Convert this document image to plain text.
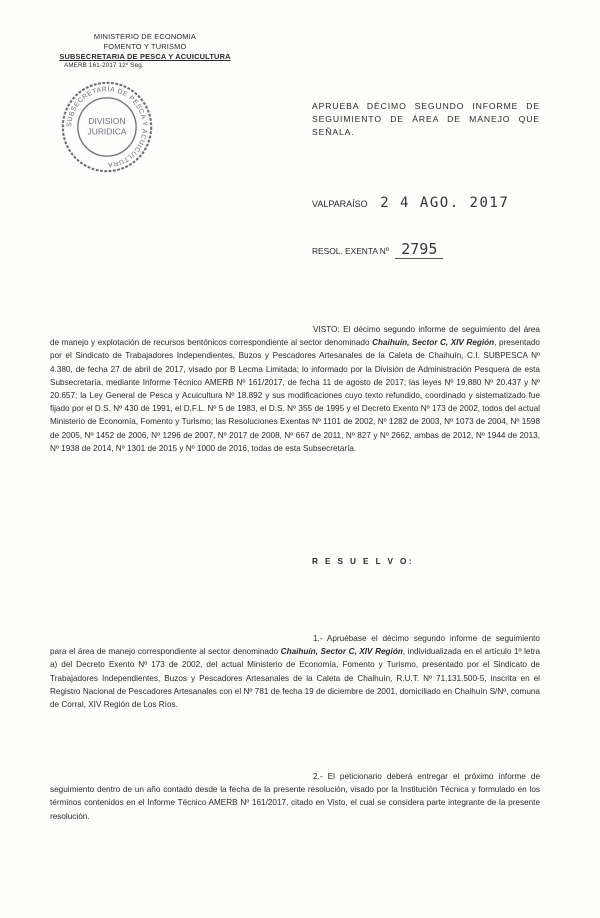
MINISTERIO DE ECONOMIA
FOMENTO Y TURISMO
SUBSECRETARIA DE PESCA Y ACUICULTURA
AMERB 161-2017 12º Seg.
SUBSECRETARÍA DE PESCA Y ACUICULTURA
DIVISION
JURIDICA
APRUEBA DÉCIMO SEGUNDO INFORME DE SEGUIMIENTO DE ÁREA DE MANEJO QUE SEÑALA.
VALPARAÍSO 2 4 AGO. 2017
RESOL. EXENTA Nº 2795
VISTO: El décimo segundo informe de seguimiento del área de manejo y explotación de recursos bentónicos correspondiente al sector denominado Chaihuín, Sector C, XIV Región, presentado por el Sindicato de Trabajadores Independientes, Buzos y Pescadores Artesanales de la Caleta de Chaihuín, C.I. SUBPESCA Nº 4.380, de fecha 27 de abril de 2017, visado por B Lecma Limitada; lo informado por la División de Administración Pesquera de esta Subsecretaría, mediante Informe Técnico AMERB Nº 161/2017, de fecha 11 de agosto de 2017; las leyes Nº 19.880 Nº 20.437 y Nº 20.657; la Ley General de Pesca y Acuicultura Nº 18.892 y sus modificaciones cuyo texto refundido, coordinado y sistematizado fue fijado por el D.S. Nº 430 de 1991, el D.F.L. Nº 5 de 1983, el D.S. Nº 355 de 1995 y el Decreto Exento Nº 173 de 2002, todos del actual Ministerio de Economía, Fomento y Turismo; las Resoluciones Exentas Nº 1101 de 2002, Nº 1282 de 2003, Nº 1073 de 2004, Nº 1598 de 2005, Nº 1452 de 2006, Nº 1296 de 2007, Nº 2017 de 2008, Nº 667 de 2011, Nº 827 y Nº 2662, ambas de 2012, Nº 1944 de 2013, Nº 1938 de 2014, Nº 1301 de 2015 y Nº 1000 de 2016, todas de esta Subsecretaría.
R E S U E L V O:
1.- Apruébase el décimo segundo informe de seguimiento para el área de manejo correspondiente al sector denominado Chaihuín, Sector C, XIV Región, individualizada en el artículo 1º letra a) del Decreto Exento Nº 173 de 2002, del actual Ministerio de Economía, Fomento y Turismo, presentado por el Sindicato de Trabajadores Independientes, Buzos y Pescadores Artesanales de la Caleta de Chaihuín, R.U.T. Nº 71.131.500-5, inscrita en el Registro Nacional de Pescadores Artesanales con el Nº 781 de fecha 19 de diciembre de 2001, domiciliado en Chaihuín S/Nº, comuna de Corral, XIV Región de Los Ríos.
2.- El peticionario deberá entregar el próximo informe de seguimiento dentro de un año contado desde la fecha de la presente resolución, visado por la Institución Técnica y formulado en los términos contenidos en el Informe Técnico AMERB Nº 161/2017, citado en Visto, el cual se considera parte integrante de la presente resolución.
